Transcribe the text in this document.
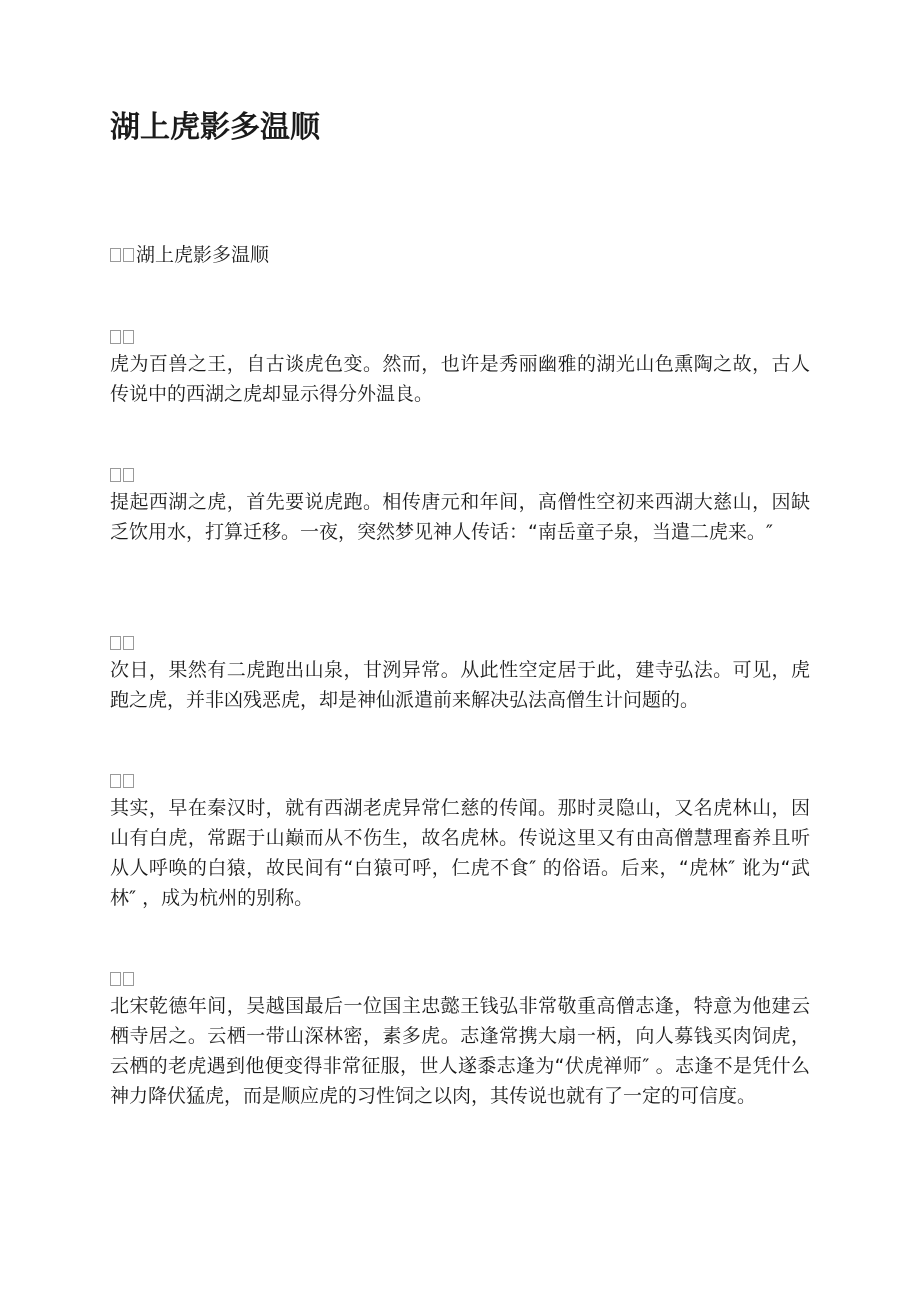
湖上虎影多温顺
湖上虎影多温顺

虎为百兽之王，自古谈虎色变。然而，也许是秀丽幽雅的湖光山色熏陶之故，古人传说中的西湖之虎却显示得分外温良。

提起西湖之虎，首先要说虎跑。相传唐元和年间，高僧性空初来西湖大慈山，因缺乏饮用水，打算迁移。一夜，突然梦见神人传话：“南岳童子泉，当遣二虎来。″

次日，果然有二虎跑出山泉，甘洌异常。从此性空定居于此，建寺弘法。可见，虎跑之虎，并非凶残恶虎，却是神仙派遣前来解决弘法高僧生计问题的。

其实，早在秦汉时，就有西湖老虎异常仁慈的传闻。那时灵隐山，又名虎林山，因山有白虎，常踞于山巅而从不伤生，故名虎林。传说这里又有由高僧慧理畜养且听从人呼唤的白猿，故民间有“白猿可呼，仁虎不食″ 的俗语。后来，“虎林″ 讹为“武林″ ，成为杭州的别称。

北宋乾德年间，吴越国最后一位国主忠懿王钱弘非常敬重高僧志逢，特意为他建云栖寺居之。云栖一带山深林密，素多虎。志逢常携大扇一柄，向人募钱买肉饲虎，云栖的老虎遇到他便变得非常征服，世人遂黍志逢为“伏虎禅师″ 。志逢不是凭什么神力降伏猛虎，而是顺应虎的习性饲之以肉，其传说也就有了一定的可信度。
